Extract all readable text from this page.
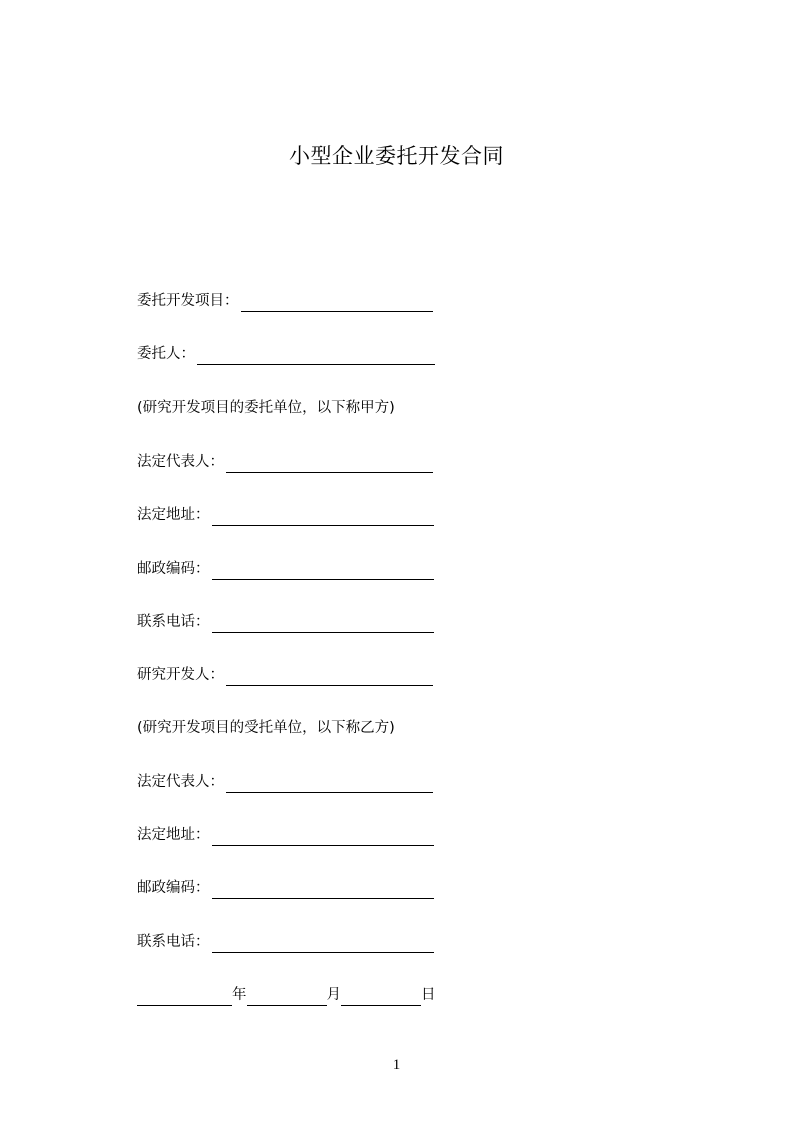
小型企业委托开发合同
委托开发项目：
委托人：
(研究开发项目的委托单位，以下称甲方)
法定代表人：
法定地址：
邮政编码：
联系电话：
研究开发人：
(研究开发项目的受托单位，以下称乙方)
法定代表人：
法定地址：
邮政编码：
联系电话：
年	月	日
1
